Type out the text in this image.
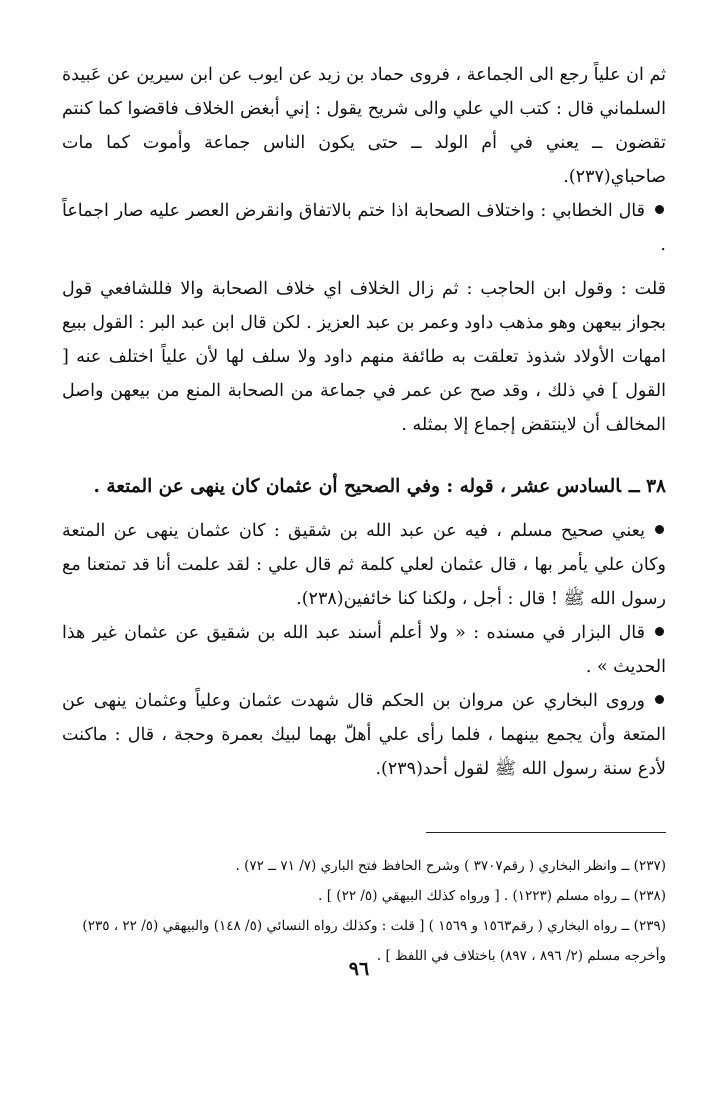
ثم ان علياً رجع الى الجماعة ، فروى حماد بن زيد عن ايوب عن ابن سيرين عن عَبيدة السلماني قال : كتب الي علي والى شريح يقول : إني أبغض الخلاف فاقضوا كما كنتم تقضون ــ يعني في أم الولد ــ حتى يكون الناس جماعة وأموت كما مات صاحباي(٢٣٧).

قال الخطابي : واختلاف الصحابة اذا ختم بالاتفاق وانقرض العصر عليه صار اجماعاً .

قلت : وقول ابن الحاجب : ثم زال الخلاف اي خلاف الصحابة والا فللشافعي قول بجواز بيعهن وهو مذهب داود وعمر بن عبد العزيز . لكن قال ابن عبد البر : القول ببيع امهات الأولاد شذوذ تعلقت به طائفة منهم داود ولا سلف لها لأن علياً اختلف عنه [ القول ] في ذلك ، وقد صح عن عمر في جماعة من الصحابة المنع من بيعهن واصل المخالف أن لاينتقض إجماع إلا بمثله .

٣٨ ــالسادس عشر ، قوله : وفي الصحيح أن عثمان كان ينهى عن المتعة .

يعني صحيح مسلم ، فيه عن عبد الله بن شقيق : كان عثمان ينهى عن المتعة وكان علي يأمر بها ، قال عثمان لعلي كلمة ثم قال علي : لقد علمت أنا قد تمتعنا مع رسول الله ﷺ ! قال : أجل ، ولكنا كنا خائفين(٢٣٨).

قال البزار في مسنده : « ولا أعلم أسند عبد الله بن شقيق عن عثمان غير هذا الحديث » .

وروى البخاري عن مروان بن الحكم قال شهدت عثمان وعلياً وعثمان ينهى عن المتعة وأن يجمع بينهما ، فلما رأى علي أهلّ بهما لبيك بعمرة وحجة ، قال : ماكنت لأدع سنة رسول الله ﷺ لقول أحد(٢٣٩).

(٢٣٧) ــ وانظر البخاري ( رقم٣٧٠٧ ) وشرح الحافظ فتح الباري (٧/ ٧١ ــ ٧٢) .

(٢٣٨) ــ رواه مسلم (١٢٢٣) . [ ورواه كذلك البيهقي (٥/ ٢٢) ] .

(٢٣٩) ــ رواه البخاري ( رقم١٥٦٣ و ١٥٦٩ ) [ قلت : وكذلك رواه النسائي (٥/ ١٤٨) والبيهقي (٥/ ٢٢ ، ٢٣٥) وأخرجه مسلم (٢/ ٨٩٦ ، ٨٩٧) باختلاف في اللفظ ] .

٩٦
